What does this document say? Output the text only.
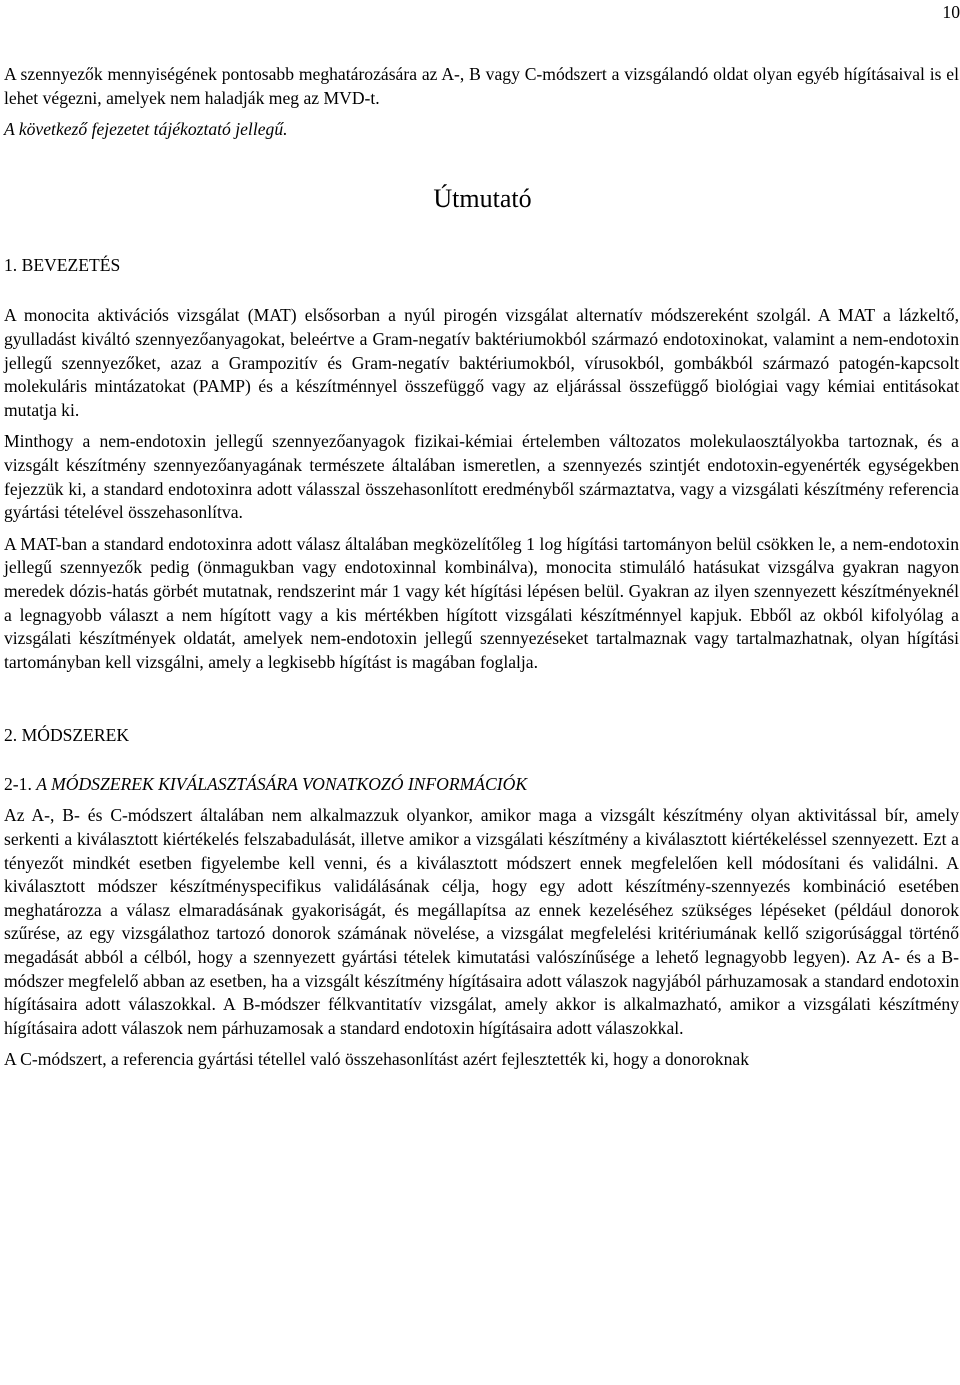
10

A szennyezők mennyiségének pontosabb meghatározására az A-, B vagy C-módszert a vizsgálandó oldat olyan egyéb hígításaival is el lehet végezni, amelyek nem haladják meg az MVD-t.

A következő fejezetet tájékoztató jellegű.

Útmutató
1. BEVEZETÉS

A monocita aktivációs vizsgálat (MAT) elsősorban a nyúl pirogén vizsgálat alternatív módszereként szolgál. A MAT a lázkeltő, gyulladást kiváltó szennyezőanyagokat, beleértve a Gram-negatív baktériumokból származó endotoxinokat, valamint a nem-endotoxin jellegű szennyezőket, azaz a Grampozitív és Gram-negatív baktériumokból, vírusokból, gombákból származó patogén-kapcsolt molekuláris mintázatokat (PAMP) és a készítménnyel összefüggő vagy az eljárással összefüggő biológiai vagy kémiai entitásokat mutatja ki.

Minthogy a nem-endotoxin jellegű szennyezőanyagok fizikai-kémiai értelemben változatos molekulaosztályokba tartoznak, és a vizsgált készítmény szennyezőanyagának természete általában ismeretlen, a szennyezés szintjét endotoxin-egyenérték egységekben fejezzük ki, a standard endotoxinra adott válasszal összehasonlított eredményből származtatva, vagy a vizsgálati készítmény referencia gyártási tételével összehasonlítva.

A MAT-ban a standard endotoxinra adott válasz általában megközelítőleg 1 log hígítási tartományon belül csökken le, a nem-endotoxin jellegű szennyezők pedig (önmagukban vagy endotoxinnal kombinálva), monocita stimuláló hatásukat vizsgálva gyakran nagyon meredek dózis-hatás görbét mutatnak, rendszerint már 1 vagy két hígítási lépésen belül. Gyakran az ilyen szennyezett készítményeknél a legnagyobb választ a nem hígított vagy a kis mértékben hígított vizsgálati készítménnyel kapjuk. Ebből az okból kifolyólag a vizsgálati készítmények oldatát, amelyek nem-endotoxin jellegű szennyezéseket tartalmaznak vagy tartalmazhatnak, olyan hígítási tartományban kell vizsgálni, amely a legkisebb hígítást is magában foglalja.

2. MÓDSZEREK
2-1. A MÓDSZEREK KIVÁLASZTÁSÁRA VONATKOZÓ INFORMÁCIÓK

Az A-, B- és C-módszert általában nem alkalmazzuk olyankor, amikor maga a vizsgált készítmény olyan aktivitással bír, amely serkenti a kiválasztott kiértékelés felszabadulását, illetve amikor a vizsgálati készítmény a kiválasztott kiértékeléssel szennyezett. Ezt a tényezőt mindkét esetben figyelembe kell venni, és a kiválasztott módszert ennek megfelelően kell módosítani és validálni. A kiválasztott módszer készítményspecifikus validálásának célja, hogy egy adott készítmény-szennyezés kombináció esetében meghatározza a válasz elmaradásának gyakoriságát, és megállapítsa az ennek kezeléséhez szükséges lépéseket (például donorok szűrése, az egy vizsgálathoz tartozó donorok számának növelése, a vizsgálat megfelelési kritériumának kellő szigorúsággal történő megadását abból a célból, hogy a szennyezett gyártási tételek kimutatási valószínűsége a lehető legnagyobb legyen). Az A- és a B-módszer megfelelő abban az esetben, ha a vizsgált készítmény hígításaira adott válaszok nagyjából párhuzamosak a standard endotoxin hígításaira adott válaszokkal. A B-módszer félkvantitatív vizsgálat, amely akkor is alkalmazható, amikor a vizsgálati készítmény hígításaira adott válaszok nem párhuzamosak a standard endotoxin hígításaira adott válaszokkal.

A C-módszert, a referencia gyártási tétellel való összehasonlítást azért fejlesztették ki, hogy a donoroknak
